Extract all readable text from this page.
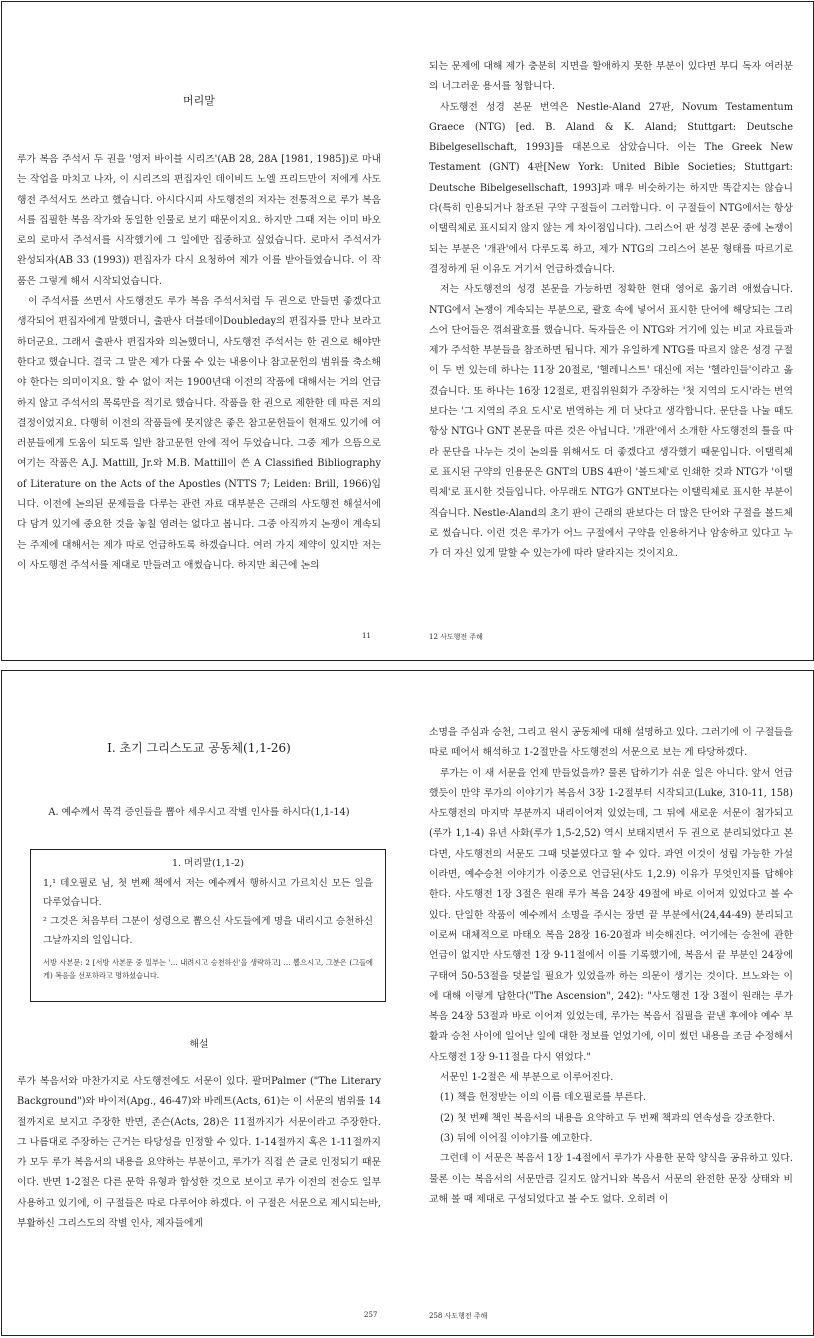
머리말

루가 복음 주석서 두 권을 '영저 바이블 시리즈'(AB 28, 28A [1981, 1985])로 마내는 작업을 마치고 나자, 이 시리즈의 편집자인 데이비드 노엘 프리드만이 저에게 사도행전 주석서도 쓰라고 했습니다. 아시다시피 사도행전의 저자는 전통적으로 루가 복음서를 집필한 복음 작가와 동일한 인물로 보기 때문이지요. 하지만 그때 저는 이미 바오로의 로마서 주석서를 시작했기에 그 일에만 집중하고 싶었습니다. 로마서 주석서가 완성되자(AB 33 (1993)) 편집자가 다시 요청하여 제가 이를 받아들였습니다. 이 작품은 그렇게 해서 시작되었습니다.

이 주석서를 쓰면서 사도행전도 루가 복음 주석서처럼 두 권으로 만들면 좋겠다고 생각되어 편집자에게 말했더니, 출판사 더블데이Doubleday의 편집자를 만나 보라고 하더군요. 그래서 출판사 편집자와 의논했더니, 사도행전 주석서는 한 권으로 해야만 한다고 했습니다. 결국 그 말은 제가 다룰 수 있는 내용이나 참고문헌의 범위를 축소해야 한다는 의미이지요. 할 수 없이 저는 1900년대 이전의 작품에 대해서는 거의 언급하지 않고 주석서의 목록만을 적기로 했습니다. 작품을 한 권으로 제한한 데 따른 저의 결정이었지요. 다행히 이전의 작품들에 못지않은 좋은 참고문헌들이 현재도 있기에 여러분들에게 도움이 되도록 일반 참고문헌 안에 적어 두었습니다. 그중 제가 으뜸으로 여기는 작품은 A.J. Mattill, Jr.와 M.B. Mattill이 쓴 A Classified Bibliography of Literature on the Acts of the Apostles (NTTS 7; Leiden: Brill, 1966)입니다. 이전에 논의된 문제들을 다루는 관련 자료 대부분은 근래의 사도행전 해설서에 다 담겨 있기에 중요한 것을 놓칠 염려는 없다고 봅니다. 그중 아직까지 논쟁이 계속되는 주제에 대해서는 제가 따로 언급하도록 하겠습니다. 여러 가지 제약이 있지만 저는 이 사도행전 주석서를 제대로 만들려고 애썼습니다. 하지만 최근에 논의

11

되는 문제에 대해 제가 충분히 지면을 할애하지 못한 부분이 있다면 부디 독자 여러분의 너그러운 용서를 청합니다.

사도행전 성경 본문 번역은 Nestle-Aland 27판, Novum Testamentum Graece (NTG) [ed. B. Aland & K. Aland; Stuttgart: Deutsche Bibelgesellschaft, 1993]를 대본으로 삼았습니다. 이는 The Greek New Testament (GNT) 4판[New York: United Bible Societies; Stuttgart: Deutsche Bibelgesellschaft, 1993]과 매우 비슷하기는 하지만 똑같지는 않습니다(특히 인용되거나 참조된 구약 구절들이 그러합니다. 이 구절들이 NTG에서는 항상 이탤릭체로 표시되지 않지 않는 게 차이점입니다). 그리스어 판 성경 본문 중에 논쟁이 되는 부분은 '개관'에서 다루도록 하고, 제가 NTG의 그리스어 본문 형태를 따르기로 결정하게 된 이유도 거기서 언급하겠습니다.

저는 사도행전의 성경 본문을 가능하면 정확한 현대 영어로 옮기려 애썼습니다. NTG에서 논쟁이 계속되는 부분으로, 괄호 속에 넣어서 표시한 단어에 해당되는 그리스어 단어들은 꺾쇠괄호를 했습니다. 독자들은 이 NTG와 거기에 있는 비교 자료들과 제가 주석한 부분들을 참조하면 됩니다. 제가 유일하게 NTG를 따르지 않은 성경 구절이 두 번 있는데 하나는 11장 20절로, '헬레니스트' 대신에 저는 '헬라인들'이라고 옮겼습니다. 또 하나는 16장 12절로, 편집위원회가 주장하는 '첫 지역의 도시'라는 번역보다는 '그 지역의 주요 도시'로 번역하는 게 더 낫다고 생각합니다. 문단을 나눌 때도 항상 NTG나 GNT 본문을 따른 것은 아닙니다. '개관'에서 소개한 사도행전의 틀을 따라 문단을 나누는 것이 논의를 위해서도 더 좋겠다고 생각했기 때문입니다. 이탤릭체로 표시된 구약의 인용문은 GNT의 UBS 4판이 '볼드체'로 인쇄한 것과 NTG가 '이탤릭체'로 표시한 것들입니다. 아무래도 NTG가 GNT보다는 이탤릭체로 표시한 부분이 적습니다. Nestle-Aland의 초기 판이 근래의 판보다는 더 많은 단어와 구절을 볼드체로 썼습니다. 이런 것은 루가가 어느 구절에서 구약을 인용하거나 암송하고 있다고 누가 더 자신 있게 말할 수 있는가에 따라 달라지는 것이지요.

12 사도행전 주해
I. 초기 그리스도교 공동체(1,1-26)
A. 예수께서 목격 증인들을 뽑아 세우시고 작별 인사를 하시다(1,1-14)
1. 머리말(1,1-2)

1,¹ 데오필로 님, 첫 번째 책에서 저는 예수께서 행하시고 가르치신 모든 일을 다루었습니다.

² 그것은 처음부터 그분이 성령으로 뽑으신 사도들에게 명을 내리시고 승천하신 그날까지의 일입니다.

서방 사본문: 2 [서방 사본문 중 일부는 '… 내려시고 승천하신'을 생략하고] … 뽑으시고, 그분은 (그들에게) 복음을 선포하라고 명하셨습니다.

해설

루가 복음서와 마찬가지로 사도행전에도 서문이 있다. 팔머Palmer ("The Literary Background")와 바이저(Apg., 46-47)와 바레트(Acts, 61)는 이 서문의 범위를 14절까지로 보지고 주장한 반면, 존슨(Acts, 28)은 11절까지가 서문이라고 주장한다. 그 나름대로 주장하는 근거는 타당성을 인정할 수 있다. 1-14절까지 혹은 1-11절까지가 모두 루가 복음서의 내용을 요약하는 부분이고, 루가가 직접 쓴 글로 인정되기 때문이다. 반면 1-2절은 다른 문학 유형과 합성한 것으로 보이고 루가 이전의 전승도 일부 사용하고 있기에, 이 구절들은 따로 다루어야 하겠다. 이 구절은 서문으로 제시되는바, 부활하신 그리스도의 작별 인사, 제자들에게

257

소명을 주심과 승천, 그리고 원시 공동체에 대해 설명하고 있다. 그러기에 이 구절들을 따로 떼어서 해석하고 1-2절만을 사도행전의 서문으로 보는 게 타당하겠다.

루가는 이 새 서문을 언제 만들었을까? 물론 답하기가 쉬운 일은 아니다. 앞서 언급했듯이 만약 루가의 이야기가 복음서 3장 1-2절부터 시작되고(Luke, 310-11, 158) 사도행전의 마지막 부분까지 내리이어져 있었는데, 그 뒤에 새로운 서문이 첨가되고(루가 1,1-4) 유년 사화(루가 1,5-2,52) 역시 보태지면서 두 권으로 분리되었다고 본다면, 사도행전의 서문도 그때 덧붙였다고 할 수 있다. 과연 이것이 성립 가능한 가설이라면, 예수승천 이야기가 이중으로 언급된(사도 1,2.9) 이유가 무엇인지를 답해야 한다. 사도행전 1장 3절은 원래 루가 복음 24장 49절에 바로 이어져 있었다고 볼 수 있다. 단일한 작품이 예수께서 소명을 주시는 장면 끝 부분에서(24,44-49) 분리되고 이로써 대체적으로 마태오 복음 28장 16-20절과 비슷해진다. 여기에는 승천에 관한 언급이 없지만 사도행전 1장 9-11절에서 이를 기록했기에, 복음서 끝 부분인 24장에 구태여 50-53절을 덧붙일 필요가 있었을까 하는 의문이 생기는 것이다. 브노와는 이에 대해 이렇게 답한다("The Ascension", 242): "사도행전 1장 3절이 원래는 루가 복음 24장 53절과 바로 이어져 있었는데, 루가는 복음서 집필을 끝낸 후에야 예수 부활과 승천 사이에 일어난 일에 대한 정보를 얻었기에, 이미 썼던 내용을 조금 수정해서 사도행전 1장 9-11절을 다시 엮었다."

서문인 1-2절은 세 부분으로 이루어진다.

(1) 책을 헌정받는 이의 이름 데오필로를 부른다.

(2) 첫 번째 책인 복음서의 내용을 요약하고 두 번째 책과의 연속성을 강조한다.

(3) 뒤에 이어질 이야기를 예고한다.

그런데 이 서문은 복음서 1장 1-4절에서 루가가 사용한 문학 양식을 공유하고 있다. 물론 이는 복음서의 서문만큼 길지도 않거니와 복음서 서문의 완전한 문장 상태와 비교해 볼 때 제대로 구성되었다고 볼 수도 없다. 오히려 이

258 사도행전 주해
